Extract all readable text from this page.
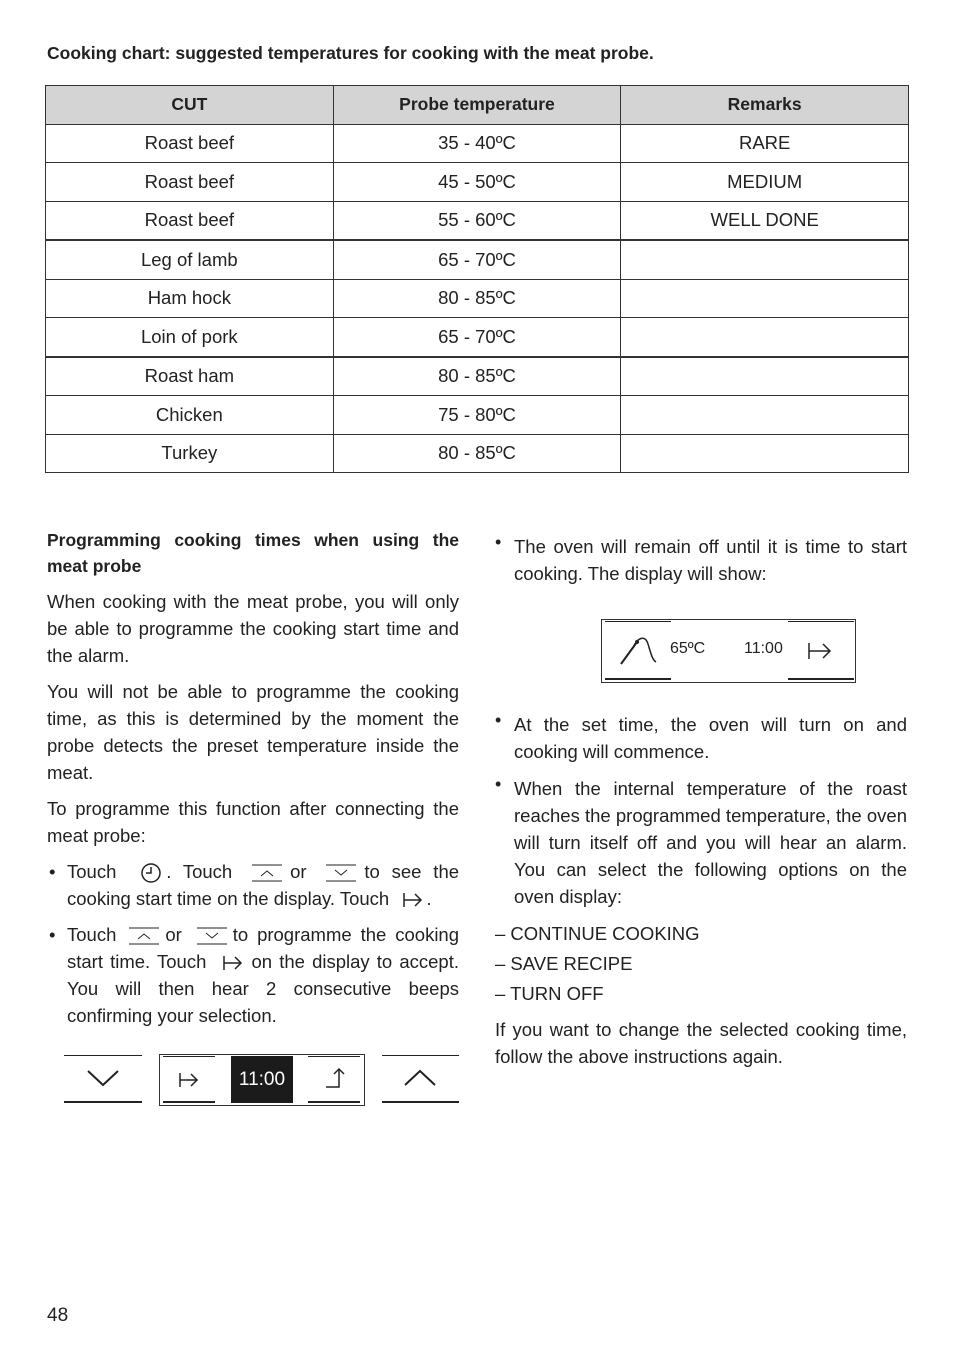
Cooking chart: suggested temperatures for cooking with the meat probe.
CUT	Probe temperature	Remarks
Roast beef	35 - 40ºC	RARE
Roast beef	45 - 50ºC	MEDIUM
Roast beef	55 - 60ºC	WELL DONE
Leg of lamb	65 - 70ºC	
Ham hock	80 - 85ºC	
Loin of pork	65 - 70ºC	
Roast ham	80 - 85ºC	
Chicken	75 - 80ºC	
Turkey	80 - 85ºC	
Programming cooking times when using the meat probe

When cooking with the meat probe, you will only be able to programme the cooking start time and the alarm.

You will not be able to programme the cooking time, as this is determined by the moment the probe detects the preset temperature inside the meat.

To programme this function after connecting the meat probe:

• Touch	. Touch	or	to see the cooking start time on the display. Touch .
• Touch	or	to programme the cooking start time. Touch on the display to accept. You will then hear 2 consecutive beeps confirming your selection.
11:00
• The oven will remain off until it is time to start cooking. The display will show:
• At the set time, the oven will turn on and cooking will commence.
• When the internal temperature of the roast reaches the programmed temperature, the oven will turn itself off and you will hear an alarm. You can select the following options on the oven display:
– CONTINUE COOKING
– SAVE RECIPE
– TURN OFF

If you want to change the selected cooking time, follow the above instructions again.

65ºC 11:00
48
